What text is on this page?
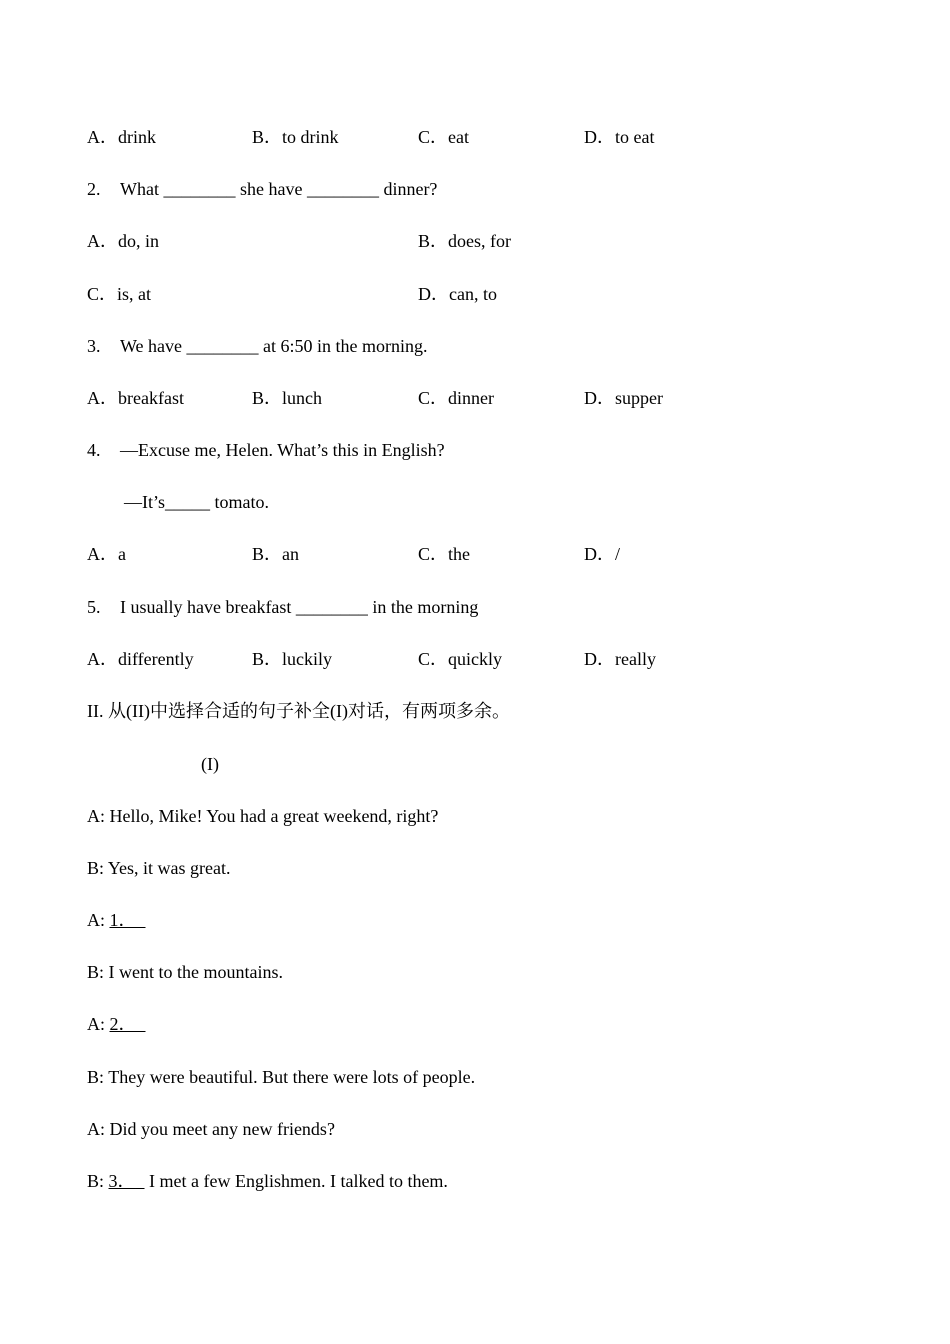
A．drink	B．to drink	C．eat	D．to eat
2. What ________ she have ________ dinner?
A．do, in	B．does, for
C．is, at	D．can, to
3. We have ________ at 6:50 in the morning.
A．breakfast	B．lunch	C．dinner	D．supper
4. —Excuse me, Helen. What’s this in English?
—It’s_____ tomato.
A．a	B．an	C．the	D．/
5. I usually have breakfast ________ in the morning
A．differently	B．luckily	C．quickly	D．really
II. 从(II)中选择合适的句子补全(I)对话，有两项多余。
(I)
A: Hello, Mike! You had a great weekend, right?
B: Yes, it was great.
A: 1．
B: I went to the mountains.
A: 2．
B: They were beautiful. But there were lots of people.
A: Did you meet any new friends?
B: 3． I met a few Englishmen. I talked to them.
